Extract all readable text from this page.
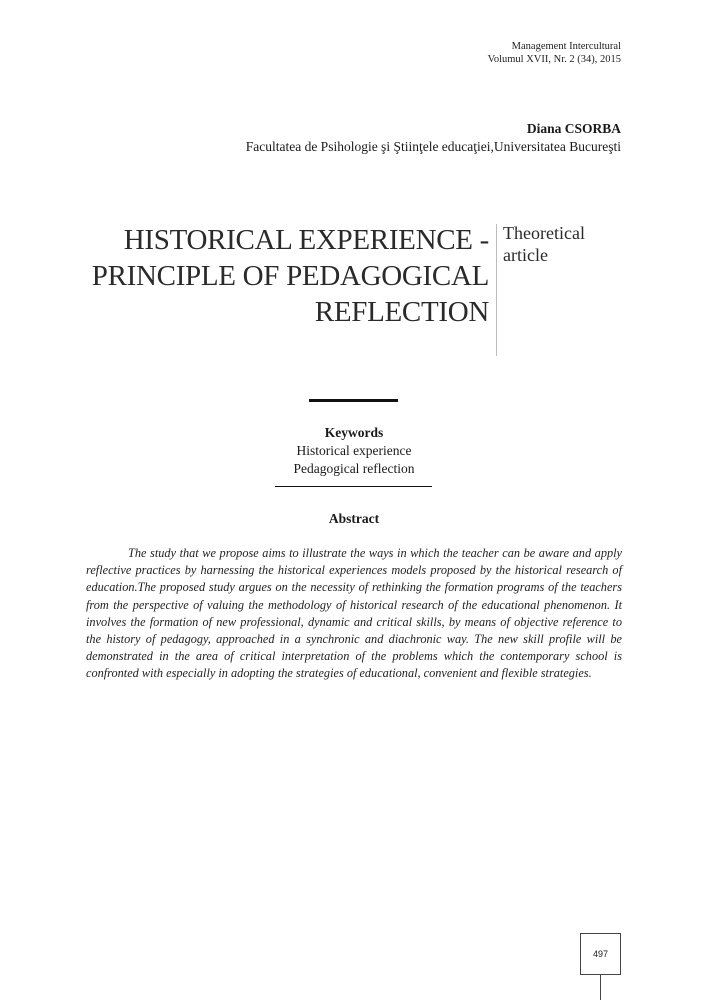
Management Intercultural
Volumul XVII, Nr. 2 (34), 2015
Diana CSORBA
Facultatea de Psihologie şi Ştiinţele educaţiei,Universitatea Bucureşti
HISTORICAL EXPERIENCE -
PRINCIPLE OF PEDAGOGICAL
REFLECTION
Theoretical
article
Keywords
Historical experience
Pedagogical reflection
Abstract
The study that we propose aims to illustrate the ways in which the teacher can be aware and apply reflective practices by harnessing the historical experiences models proposed by the historical research of education.The proposed study argues on the necessity of rethinking the formation programs of the teachers from the perspective of valuing the methodology of historical research of the educational phenomenon. It involves the formation of new professional, dynamic and critical skills, by means of objective reference to the history of pedagogy, approached in a synchronic and diachronic way. The new skill profile will be demonstrated in the area of critical interpretation of the problems which the contemporary school is confronted with especially in adopting the strategies of educational, convenient and flexible strategies.
497
